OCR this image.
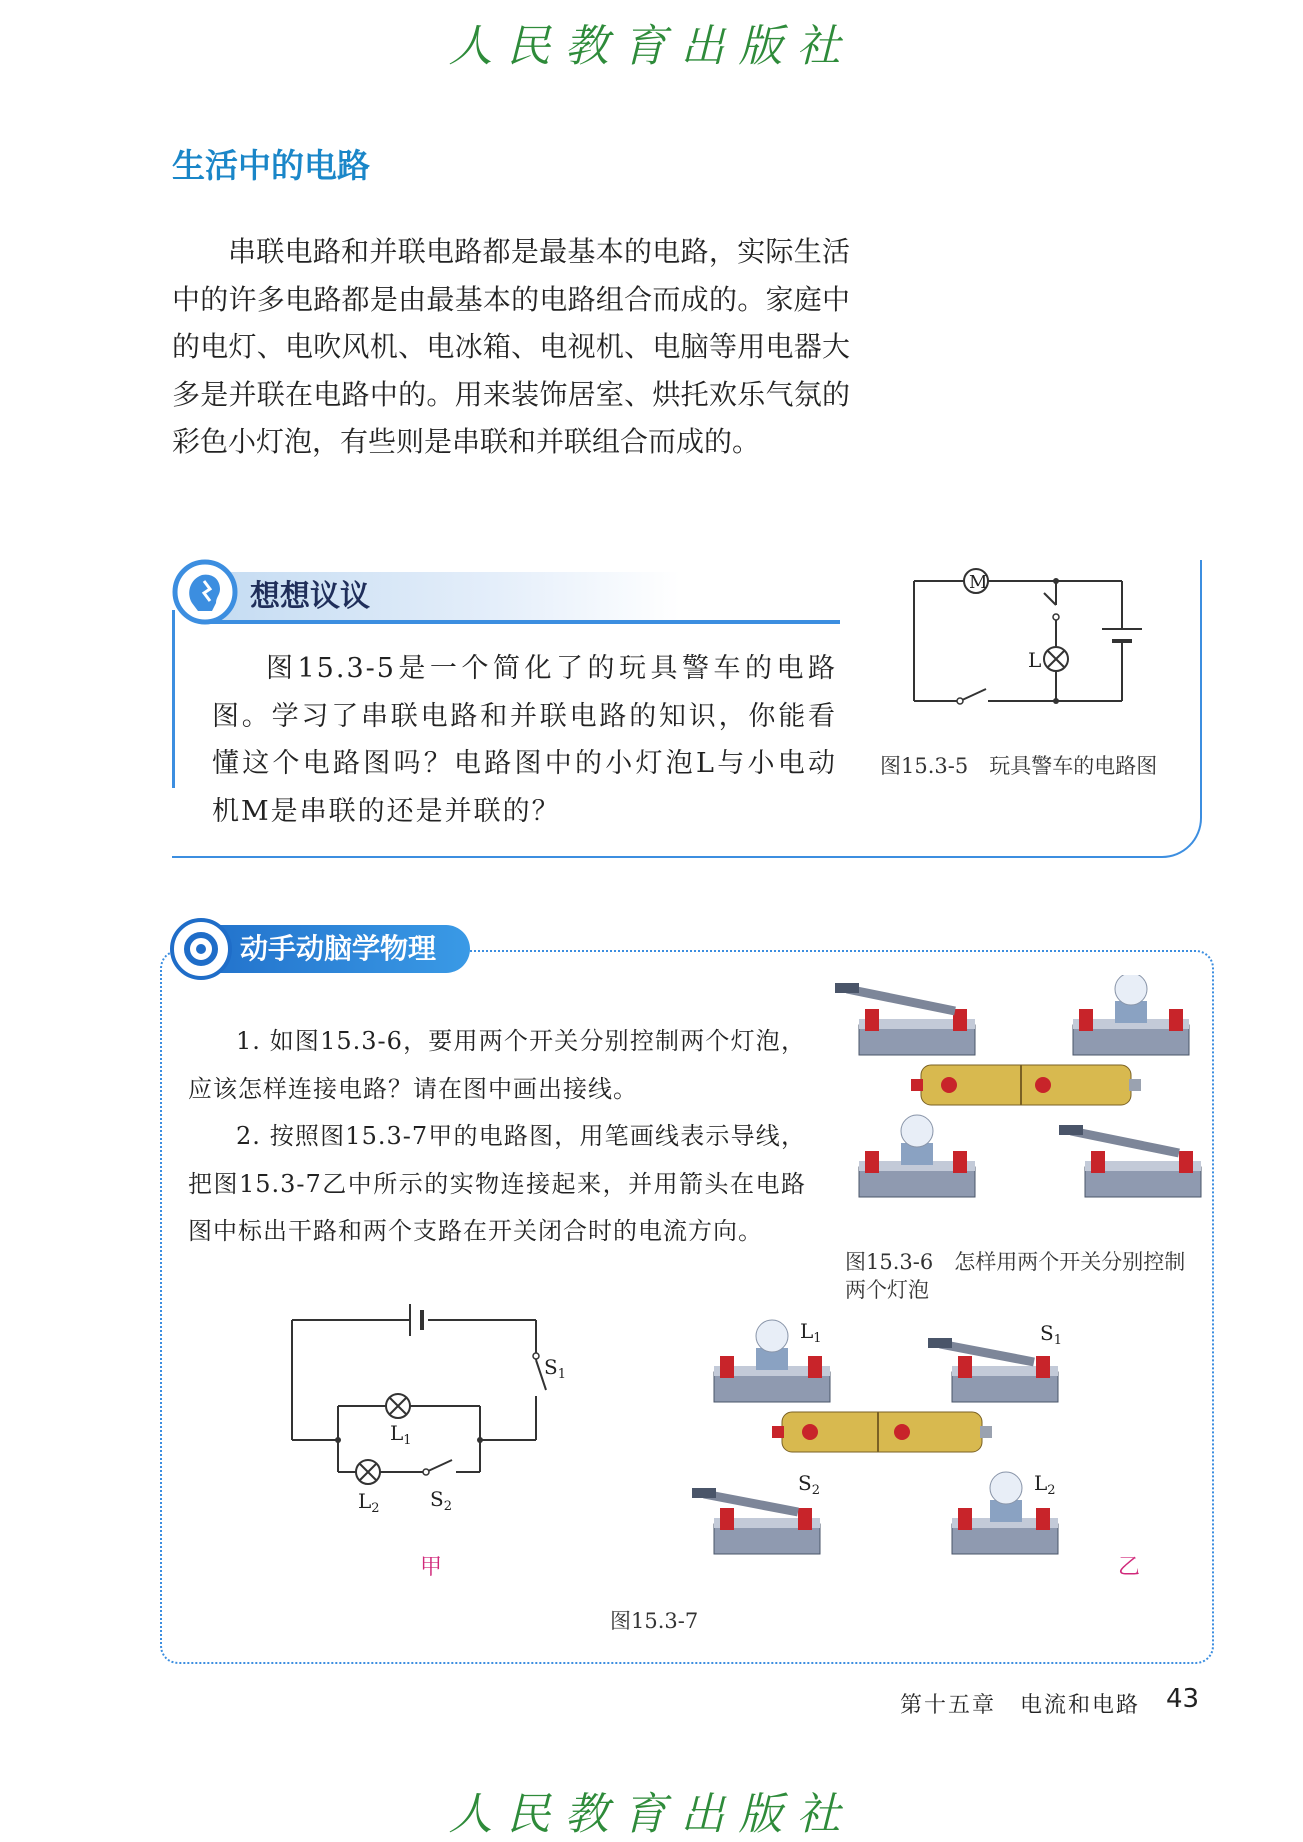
人民教育出版社
生活中的电路

串联电路和并联电路都是最基本的电路，实际生活中的许多电路都是由最基本的电路组合而成的。家庭中的电灯、电吹风机、电冰箱、电视机、电脑等用电器大多是并联在电路中的。用来装饰居室、烘托欢乐气氛的彩色小灯泡，有些则是串联和并联组合而成的。

想想议议

图15.3-5是一个简化了的玩具警车的电路图。学习了串联电路和并联电路的知识，你能看懂这个电路图吗？电路图中的小灯泡L与小电动机M是串联的还是并联的？

M
L
图15.3-5　玩具警车的电路图
动手动脑学物理

1. 如图15.3-6，要用两个开关分别控制两个灯泡，应该怎样连接电路？请在图中画出接线。

2. 按照图15.3-7甲的电路图，用笔画线表示导线，把图15.3-7乙中所示的实物连接起来，并用箭头在电路图中标出干路和两个支路在开关闭合时的电流方向。

图15.3-6　怎样用两个开关分别控制两个灯泡
$S_1$
$L_1$
$L_2$	$S_2$
甲
$L_1$	$S_1$
$S_2$	$L_2$
乙
图15.3-7
第十五章　电流和电路 43
人民教育出版社
